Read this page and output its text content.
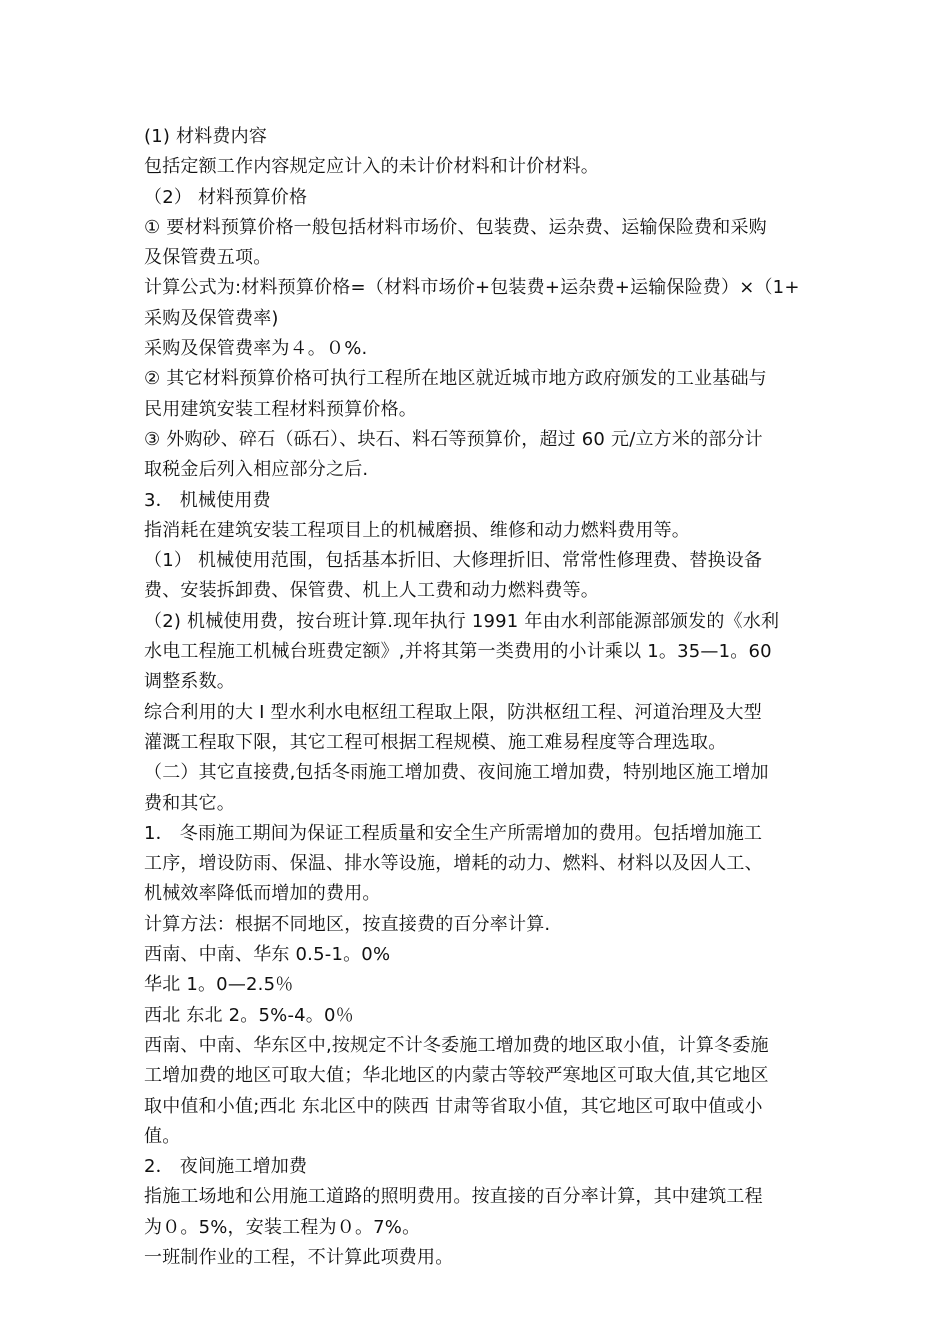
(1) 材料费内容
包括定额工作内容规定应计入的未计价材料和计价材料。
（2） 材料预算价格
① 要材料预算价格一般包括材料市场价、包装费、运杂费、运输保险费和采购
及保管费五项。
计算公式为:材料预算价格=（材料市场价+包装费+运杂费+运输保险费）×（1+
采购及保管费率)
采购及保管费率为４。０%.
② 其它材料预算价格可执行工程所在地区就近城市地方政府颁发的工业基础与
民用建筑安装工程材料预算价格。
③ 外购砂、碎石（砾石）、块石、料石等预算价，超过 60 元/立方米的部分计
取税金后列入相应部分之后.
3． 机械使用费
指消耗在建筑安装工程项目上的机械磨损、维修和动力燃料费用等。
（1） 机械使用范围，包括基本折旧、大修理折旧、常常性修理费、替换设备
费、安装拆卸费、保管费、机上人工费和动力燃料费等。
（2) 机械使用费，按台班计算.现年执行 1991 年由水利部能源部颁发的《水利
水电工程施工机械台班费定额》,并将其第一类费用的小计乘以 1。35—1。60
调整系数。
综合利用的大 I 型水利水电枢纽工程取上限，防洪枢纽工程、河道治理及大型
灌溉工程取下限，其它工程可根据工程规模、施工难易程度等合理选取。
（二）其它直接费,包括冬雨施工增加费、夜间施工增加费，特别地区施工增加
费和其它。
1． 冬雨施工期间为保证工程质量和安全生产所需增加的费用。包括增加施工
工序，增设防雨、保温、排水等设施，增耗的动力、燃料、材料以及因人工、
机械效率降低而增加的费用。
计算方法：根据不同地区，按直接费的百分率计算.
西南、中南、华东 0.5-1。0%
华北 1。0—2.5％
西北 东北 2。5%-4。0％
西南、中南、华东区中,按规定不计冬委施工增加费的地区取小值，计算冬委施
工增加费的地区可取大值；华北地区的内蒙古等较严寒地区可取大值,其它地区
取中值和小值;西北 东北区中的陕西 甘肃等省取小值，其它地区可取中值或小
值。
2． 夜间施工增加费
指施工场地和公用施工道路的照明费用。按直接的百分率计算，其中建筑工程
为０。5%，安装工程为０。7%。
一班制作业的工程，不计算此项费用。
